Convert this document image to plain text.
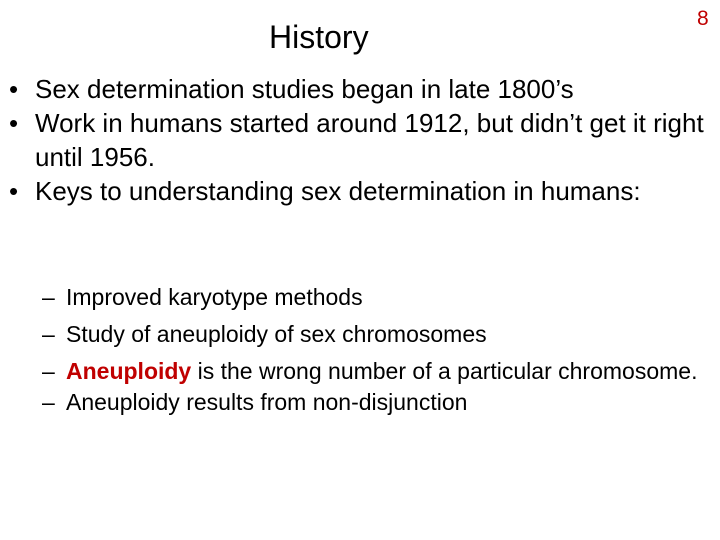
History
8
• Sex determination studies began in late 1800’s
• Work in humans started around 1912, but didn’t get it right until 1956.
• Keys to understanding sex determination in humans:
– Improved karyotype methods
– Study of aneuploidy of sex chromosomes
– Aneuploidy is the wrong number of a particular chromosome.
– Aneuploidy results from non-disjunction
